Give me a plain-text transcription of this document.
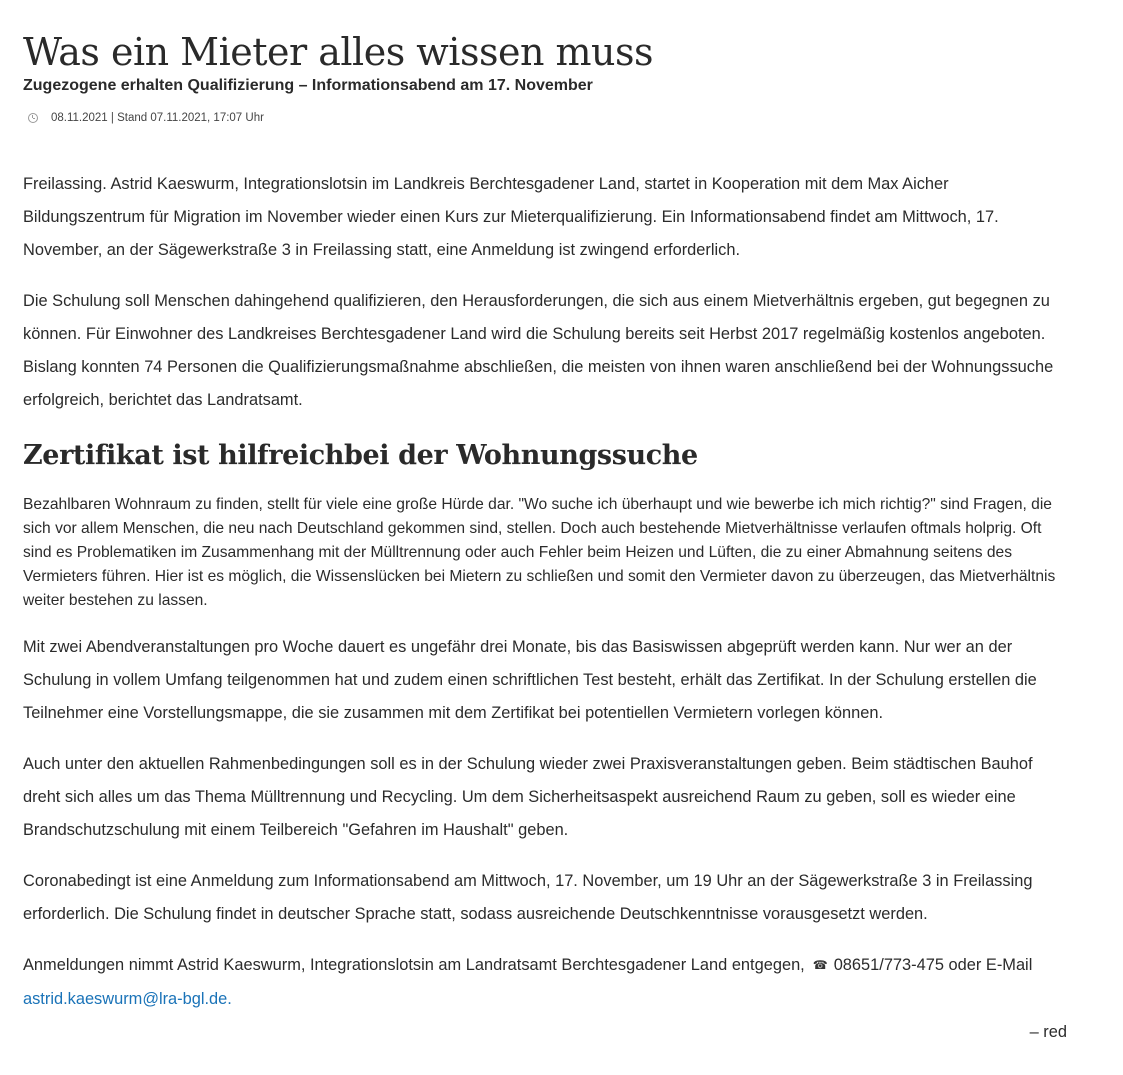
Was ein Mieter alles wissen muss
Zugezogene erhalten Qualifizierung – Informationsabend am 17. November
08.11.2021 | Stand 07.11.2021, 17:07 Uhr

Freilassing. Astrid Kaeswurm, Integrationslotsin im Landkreis Berchtesgadener Land, startet in Kooperation mit dem Max Aicher Bildungszentrum für Migration im November wieder einen Kurs zur Mieterqualifizierung. Ein Informationsabend findet am Mittwoch, 17. November, an der Sägewerkstraße 3 in Freilassing statt, eine Anmeldung ist zwingend erforderlich.

Die Schulung soll Menschen dahingehend qualifizieren, den Herausforderungen, die sich aus einem Mietverhältnis ergeben, gut begegnen zu können. Für Einwohner des Landkreises Berchtesgadener Land wird die Schulung bereits seit Herbst 2017 regelmäßig kostenlos angeboten. Bislang konnten 74 Personen die Qualifizierungsmaßnahme abschließen, die meisten von ihnen waren anschließend bei der Wohnungssuche erfolgreich, berichtet das Landratsamt.

Zertifikat ist hilfreichbei der Wohnungssuche

Bezahlbaren Wohnraum zu finden, stellt für viele eine große Hürde dar. "Wo suche ich überhaupt und wie bewerbe ich mich richtig?" sind Fragen, die sich vor allem Menschen, die neu nach Deutschland gekommen sind, stellen. Doch auch bestehende Mietverhältnisse verlaufen oftmals holprig. Oft sind es Problematiken im Zusammenhang mit der Mülltrennung oder auch Fehler beim Heizen und Lüften, die zu einer Abmahnung seitens des Vermieters führen. Hier ist es möglich, die Wissenslücken bei Mietern zu schließen und somit den Vermieter davon zu überzeugen, das Mietverhältnis weiter bestehen zu lassen.

Mit zwei Abendveranstaltungen pro Woche dauert es ungefähr drei Monate, bis das Basiswissen abgeprüft werden kann. Nur wer an der Schulung in vollem Umfang teilgenommen hat und zudem einen schriftlichen Test besteht, erhält das Zertifikat. In der Schulung erstellen die Teilnehmer eine Vorstellungsmappe, die sie zusammen mit dem Zertifikat bei potentiellen Vermietern vorlegen können.

Auch unter den aktuellen Rahmenbedingungen soll es in der Schulung wieder zwei Praxisveranstaltungen geben. Beim städtischen Bauhof dreht sich alles um das Thema Mülltrennung und Recycling. Um dem Sicherheitsaspekt ausreichend Raum zu geben, soll es wieder eine Brandschutzschulung mit einem Teilbereich "Gefahren im Haushalt" geben.

Coronabedingt ist eine Anmeldung zum Informationsabend am Mittwoch, 17. November, um 19 Uhr an der Sägewerkstraße 3 in Freilassing erforderlich. Die Schulung findet in deutscher Sprache statt, sodass ausreichende Deutschkenntnisse vorausgesetzt werden.

Anmeldungen nimmt Astrid Kaeswurm, Integrationslotsin am Landratsamt Berchtesgadener Land entgegen, ☎ 08651/773-475 oder E-Mail astrid.kaeswurm@lra-bgl.de.

– red
